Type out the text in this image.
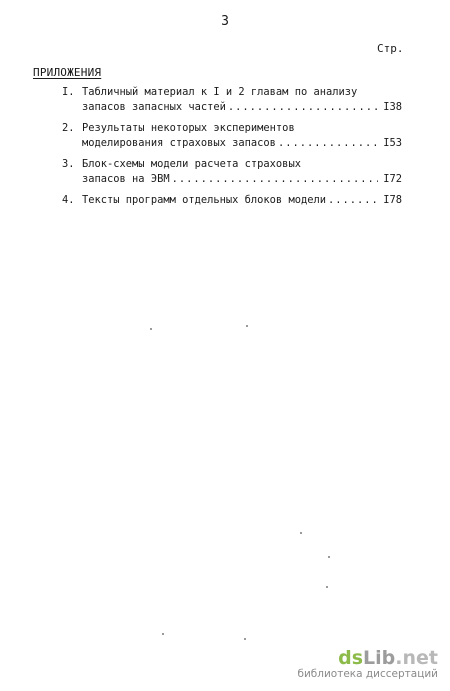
3
Стр.
ПРИЛОЖЕНИЯ
I. Табличный материал к I и 2 главам по анализу
запасов запасных частей .....	I38
2. Результаты некоторых экспериментов
моделирования страховых запасов .....	I53
3. Блок-схемы модели расчета страховых
запасов на ЭВМ .....	I72
4. Тексты программ отдельных блоков модели .....	I78
dsLib.net
библиотека диссертаций
